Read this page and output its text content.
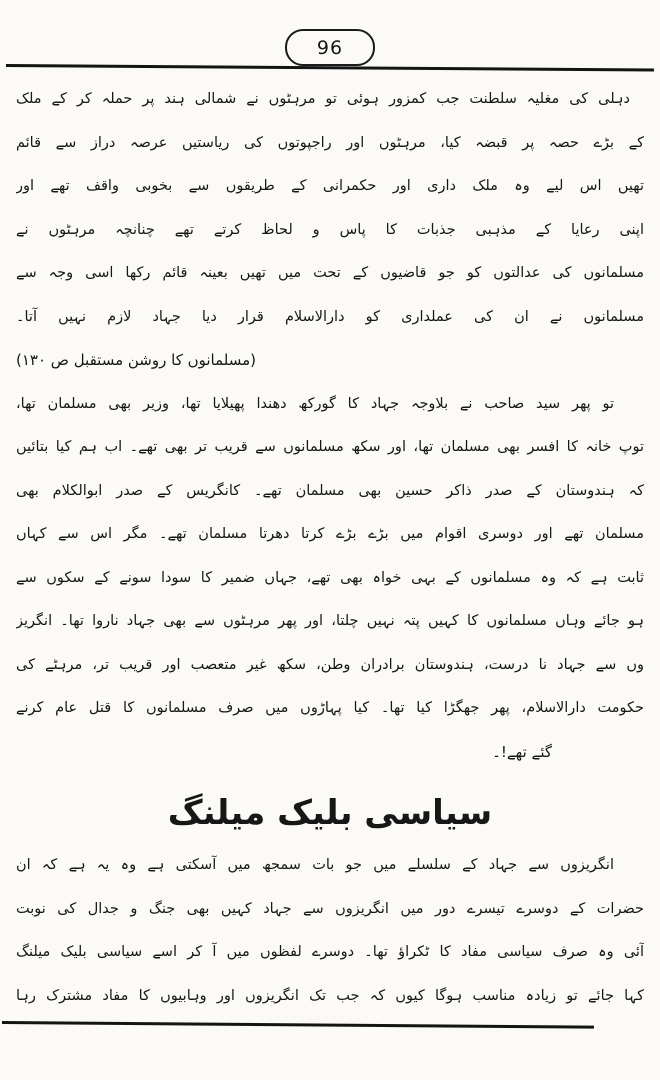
96
دہلی کی مغلیہ سلطنت جب کمزور ہوئی تو مرہٹوں نے شمالی ہند پر حملہ کر کے ملک
کے بڑے حصہ پر قبضہ کیا، مرہٹوں اور راجپوتوں کی ریاستیں عرصہ دراز سے قائم
تھیں اس لیے وہ ملک داری اور حکمرانی کے طریقوں سے بخوبی واقف تھے اور
اپنی رعایا کے مذہبی جذبات کا پاس و لحاظ کرتے تھے چنانچہ مرہٹوں نے
مسلمانوں کی عدالتوں کو جو قاضیوں کے تحت میں تھیں بعینہ قائم رکھا اسی وجہ سے
مسلمانوں نے ان کی عملداری کو دارالاسلام قرار دیا جہاد لازم نہیں آتا۔
(مسلمانوں کا روشن مستقبل ص ۱۳۰)
تو پھر سید صاحب نے بلاوجہ جہاد کا گورکھ دھندا پھیلایا تھا، وزیر بھی مسلمان تھا،
توپ خانہ کا افسر بھی مسلمان تھا، اور سکھ مسلمانوں سے قریب تر بھی تھے۔ اب ہم کیا بتائیں
کہ ہندوستان کے صدر ذاکر حسین بھی مسلمان تھے۔ کانگریس کے صدر ابوالکلام بھی
مسلمان تھے اور دوسری اقوام میں بڑے بڑے کرتا دھرتا مسلمان تھے۔ مگر اس سے کہاں
ثابت ہے کہ وہ مسلمانوں کے بہی خواہ بھی تھے، جہاں ضمیر کا سودا سونے کے سکوں سے
ہو جائے وہاں مسلمانوں کا کہیں پتہ نہیں چلتا، اور پھر مرہٹوں سے بھی جہاد ناروا تھا۔ انگریز
وں سے جہاد نا درست، ہندوستان برادران وطن، سکھ غیر متعصب اور قریب تر، مرہٹے کی
حکومت دارالاسلام، پھر جھگڑا کیا تھا۔ کیا پہاڑوں میں صرف مسلمانوں کا قتل عام کرنے
گئے تھے!۔
سیاسی بلیک میلنگ
انگریزوں سے جہاد کے سلسلے میں جو بات سمجھ میں آسکتی ہے وہ یہ ہے کہ ان
حضرات کے دوسرے تیسرے دور میں انگریزوں سے جہاد کہیں بھی جنگ و جدال کی نوبت
آئی وہ صرف سیاسی مفاد کا ٹکراؤ تھا۔ دوسرے لفظوں میں آ کر اسے سیاسی بلیک میلنگ
کہا جائے تو زیادہ مناسب ہوگا کیوں کہ جب تک انگریزوں اور وہابیوں کا مفاد مشترک رہا
